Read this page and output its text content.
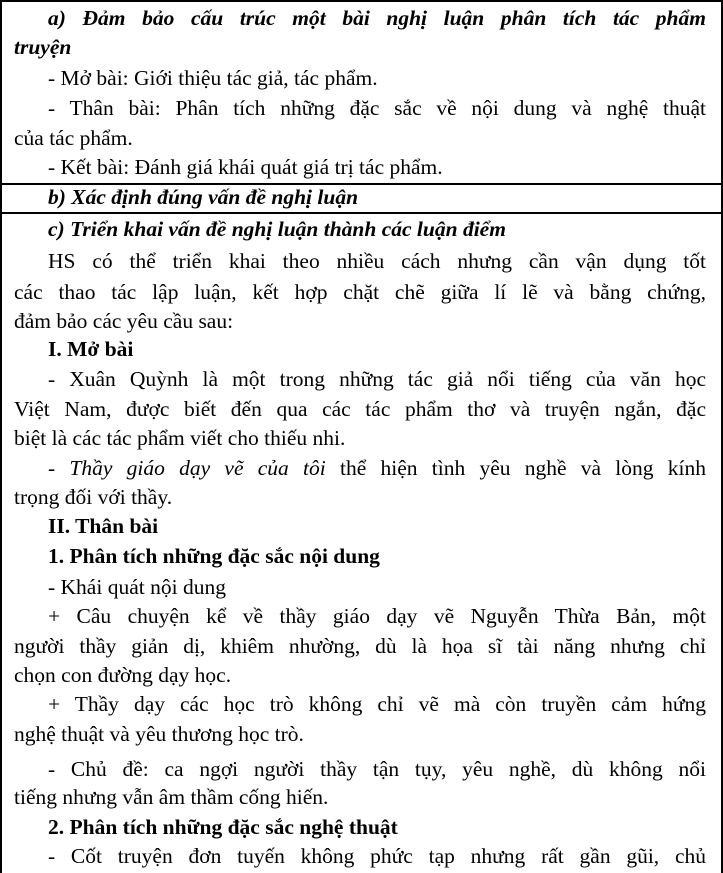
a) Đảm bảo cấu trúc một bài nghị luận phân tích tác phẩm
truyện
- Mở bài: Giới thiệu tác giả, tác phẩm.
- Thân bài: Phân tích những đặc sắc về nội dung và nghệ thuật
của tác phẩm.
- Kết bài: Đánh giá khái quát giá trị tác phẩm.
b) Xác định đúng vấn đề nghị luận
c) Triển khai vấn đề nghị luận thành các luận điểm
HS có thể triển khai theo nhiều cách nhưng cần vận dụng tốt
các thao tác lập luận, kết hợp chặt chẽ giữa lí lẽ và bằng chứng,
đảm bảo các yêu cầu sau:
I. Mở bài
- Xuân Quỳnh là một trong những tác giả nổi tiếng của văn học
Việt Nam, được biết đến qua các tác phẩm thơ và truyện ngắn, đặc
biệt là các tác phẩm viết cho thiếu nhi.
- Thầy giáo dạy vẽ của tôi thể hiện tình yêu nghề và lòng kính
trọng đối với thầy.
II. Thân bài
1. Phân tích những đặc sắc nội dung
- Khái quát nội dung
+ Câu chuyện kể về thầy giáo dạy vẽ Nguyễn Thừa Bản, một
người thầy giản dị, khiêm nhường, dù là họa sĩ tài năng nhưng chỉ
chọn con đường dạy học.
+ Thầy dạy các học trò không chỉ vẽ mà còn truyền cảm hứng
nghệ thuật và yêu thương học trò.
- Chủ đề: ca ngợi người thầy tận tụy, yêu nghề, dù không nổi
tiếng nhưng vẫn âm thầm cống hiến.
2. Phân tích những đặc sắc nghệ thuật
- Cốt truyện đơn tuyến không phức tạp nhưng rất gần gũi, chủ
